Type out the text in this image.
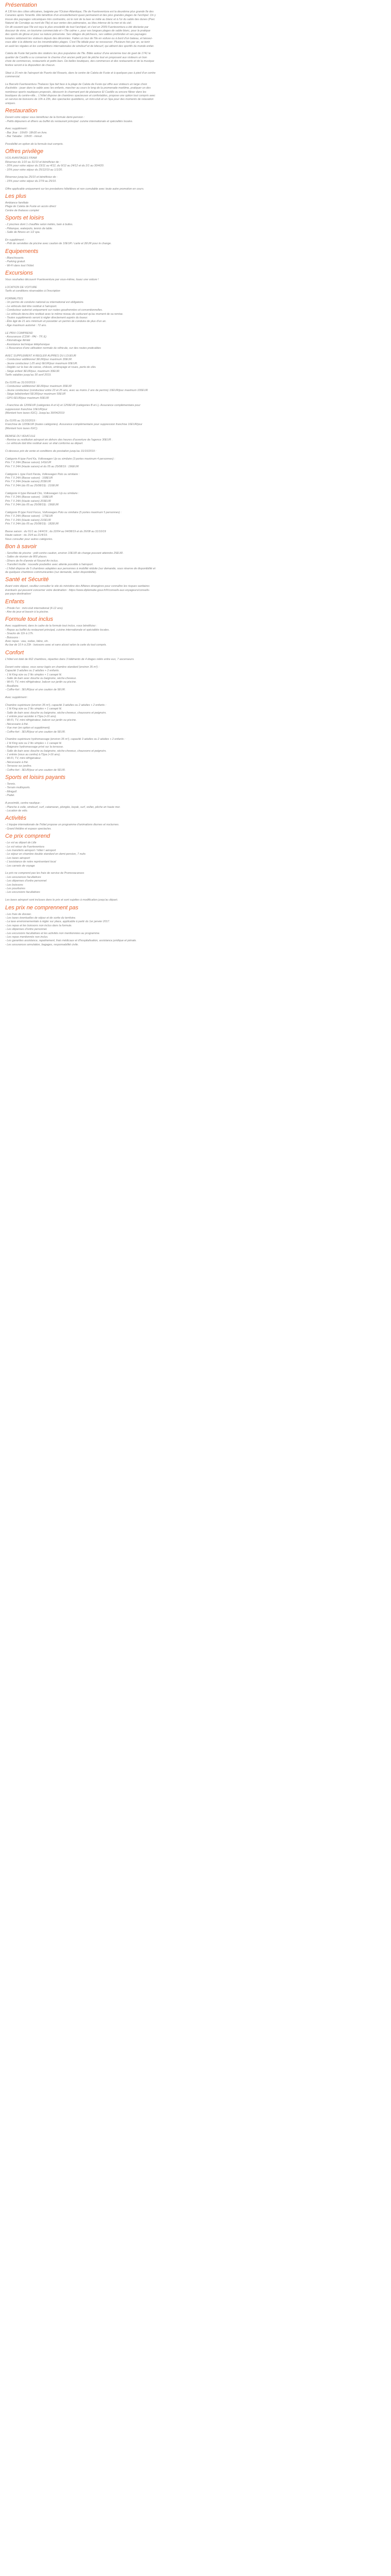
Présentation

A 130 km des côtes africaines, baignée par l'Océan Atlantique, l'île de Fuerteventura est la deuxième plus grande île des

Canaries après Tenerife. Elle bénéficie d'un ensoleillement quasi permanent et des plus grandes plages de l'archipel. On y

trouve des paysages volcaniques très contrastés, où le noir de la lave se mêle au blanc et à l'or du sable des dunes (Parc

Naturel de Corralejo au nord de l'île) et aux vertes des palmeraies, au bleu intense de la mer et du ciel.

On dit souvent que l'île est reçu le plus ensoleillé de tout l'archipel, et c'est en 2009 Fuerteventura a été déclarée par

douceur de vivre, un tourisme commerciale et « l'île calme », pour ses longues plages de sable blanc, pour la pratique

des sports de glisse et pour sa nature préservée. Ses villages de pêcheurs, ses vallées profondes et ses paysages

lunaires séduisent les visiteurs depuis des décennies. Faites un tour de l'île en voiture ou à bord d'un bateau, et laissez-

vous aller à la détente sur les innombrables plages. C'est l'île idéale pour se ressourcer. Plusieurs fois par an, se tenir

en août les régates et les compétitions internationales de windsurf et de kitesurf, qui attirent des sportifs du monde entier.

Caleta de Fuste fait partie des stations les plus populaires de l'île. Bâtie autour d'une ancienne tour de guet de 1741 le

quartier de Castillo a su conserver le charme d'un ancien petit port de pêche tout en proposant aux visiteurs un bon

choix de commerces, restaurants et petits bars. De belles boutiques, des commerces et des restaurants et de la musique

festive seront à la disposition de chacun.

Situé à 15 min de l'aéroport de Puerto del Rosario, dans le centre de Caleta de Fuste et à quelques pas à pied d'un centre

commercial.

Le Barceló Fuerteventura Thalasso Spa fait face à la plage de Caleta de Fuste qui offre aux visiteurs un large choix

d'activités : jouer dans le sable avec les enfants, marcher au cours le long de la promenade maritime, pratiquer un des

nombreux sports nautiques proposés, découvrir le charmant port de plaisance El Castillo ou encore flâner dans les

boutiques du centre-ville... L'hôtel dispose de chambres spacieuses et confortables, propose une option tout compris avec

un service de boissons de 10h à 23h, des spectacles quotidiens, un mini-club et un Spa pour des moments de relaxation

uniques.

Restauration

Durant votre séjour vous bénéficiez de la formule demi-pension :

- Petits déjeuners et dîners au buffet du restaurant principal: cuisine internationale et spécialités locales.

Avec supplément :

- Bar Jirar : 10h00- 18h30 en livre.

- Bar Tabaibe : 10h00 - minuit.

Possibilité en option de la formule tout compris.

Offres privilège

VOS AVANTAGES FRAM

Réservez du 1/10 au 31/10 et bénéficiez de :

- 20% pour votre séjour du 23/11 au 4/12, du 9/12 au 24/12 et du 2/1 au 30/4/20.

- 10% pour votre séjour du 25/12/19 au 1/1/20.

Réservez jusqu'au 25/10 et bénéficiez de :

- 15% pour votre séjour du 27/9 au 25/10.

Offre applicable uniquement sur les prestations hôtelières et non cumulable avec toute autre promotion en cours.

Les plus

Ambiance familiale

Plage de Caleta de Fuste en accès direct

Centre de thalasso complet

Sports et loisirs

- 2 piscines dont 1 chauffée selon météo, bain à bulles.

- Pétanque, waterpolo, tennis de table.

- Salle de fitness en 1/2 spa.

En supplément :

- Prêt de serviettes de piscine avec caution de 10EUR / carte et 2EUR pour le change.

Equipements

- Blanchisserie.

- Parking gratuit.

- Wi-Fi dans tout l'hôtel.

Excursions

Vous souhaitez découvrir Fuerteventura par vous-même, louez une voiture !

LOCATION DE VOITURE

Tarifs et conditions réservables à l'inscription

FORMALITES

- Un permis de conduire national ou international est obligatoire.

- Le véhicule doit être restitué à l'aéroport.

- Conducteur autorisé uniquement sur routes goudronnées et conventionnelles.

- Le véhicule devra être restitué avec le même niveau de carburant qu'au moment de sa remise.

- Toutes suppléments seront à régler directement auprès du loueur.

- Être âgé de 21 ans minimum et posséder un permis de conduire de plus d'un an.

- Âge maximum autorisé : 72 ans.

LE PRIX COMPREND

- Assurances (CDW - PAI - TP, E)

- Kilométrage illimité

- Assistance technique téléphonique

- L'Assurance d'une utilisation normale du véhicule, sur des routes praticables

AVEC SUPPLEMENT A REGLER AUPRES DU LOUEUR

- Conducteur additionnel 3EUR/jour maximum 30EUR.

- Jeune conducteur (-25 ans) 6EUR/jour maximum 60EUR.

- Dégâts sur le bas de caisse, châssis, embrayage et roues, perte de clés.

- Siège enfant 3EUR/jour, maximum 30EUR.

Tarifs valables jusqu'au 30 avril 2019.

Du 01/05 au 31/10/2019 :

- Conducteur additionnel 3EUR/jour maximum 30EUR

- Jeune conducteur (conducteur entre 23 et 25 ans, avec au moins 2 ans de permis) 10EUR/jour maximum 100EUR

- Siège bébé/enfant 5EUR/jour maximum 50EUR

- GPS 6EUR/jour maximum 50EUR

- Franchise de 1200EUR (catégories A et H) et 1250EUR (catégories B et L). Assurance complémentaire pour

suppression franchise 10EUR/jour

(Montant hors taxes IGIC). Jusqu'au 30/04/2019

Du 01/05 au 31/10/2019 :

Franchise de 1200EUR (toutes catégories). Assurance complémentaire pour suppression franchise 16EUR/jour

(Montant hors taxes IGIC).

REMISE DU VEHICULE

- Remise ou restitution aéroport en dehors des heures d'ouverture de l'agence 30EUR .

- Le véhicule doit être restitué avec un état conforme au départ.

Ci-dessous prix de vente et conditions de prestation jusqu'au 31/10/2019 :

Catégorie A type Ford Ka, Volkswagen Up ou similaire (3 portes maximum 4 personnes) :

Prix 7 X 24H (Basse saison) 141EUR

Prix 7 X 24H (Haute saison) et du 05 au 25/08/19 : 196EUR

Catégorie L type Ford Fiesta, Volkswagen Polo ou similaire :

Prix 7 X 24H (Basse saison) : 168EUR

Prix 7 X 24H (Haute saison) 203EUR

Prix 7 X 24H (du 05 au 25/08/19) : 210EUR

Catégorie H type Renault Clio, Volkswagen Up ou similaire :

Prix 7 X 24H (Basse saison) : 168EUR

Prix 7 X 24H (Haute saison) 203EUR

Prix 7 X 24H (du 05 au 25/08/19) : 196EUR

Catégorie B type Ford Focus, Volkswagen Polo ou similaire (5 portes maximum 5 personnes) :

Prix 7 X 24H (Basse saison) : 175EUR

Prix 7 X 24H (Haute saison) 210EUR

Prix 7 X 24H (du 05 au 25/08/19) : 182EUR

Basse saison : du 01/1 au 14/4/19 ; du 22/04 au 04/08/19 et du 26/08 au 31/10/19

Haute saison : du 15/4 au 21/4/19.

Nous consulter pour autres catégories.

Bon à savoir

- Servi/bte de piscine : prêt contre caution, environ 10EUR de change pouvant atteindre 25EUR.

- Salles de réunion de 800 places.

- Dîners de fin d'année et Nouvel An inclus.

- Transfert inutile : nouvelle poubelles avec attente possible à l'aéroport.

- L'hôtel dispose de 5 chambres adaptées aux personnes à mobilité réduite (sur demande, sous réserve de disponibilité et

de quelques chambres communicantes (sur demande, selon disponibilité).

Santé et Sécurité

Avant votre départ, veuillez consulter le site du ministère des Affaires étrangères pour connaître les risques sanitaires

éventuels qui peuvent concerner votre destination : https://www.diplomatie.gouv.fr/fr/conseils-aux-voyageurs/conseils-

par-pays-destination/

Enfants

- Prixde l'un : mini-club international (4-12 ans).

- Aire de jeux et bassin à la piscine.

Formule tout inclus

Avec supplément, dans le cadre de la formule tout inclus, vous bénéficiez :

- Repas au buffet du restaurant principal, cuisine internationale et spécialités locales.

- Snacks de 11h à 17h.

- Boissons :

Avec repas : eau, sodas, bière, vin.

Au bar de 10 h à 23h : boissons avec et sans alcool selon la carte du tout compris.

Confort

L'hôtel est doté de 662 chambres, réparties dans 3 bâtiments de 4 étages reliés entre eux, 7 ascenseurs.

Durant votre séjour, vous serez logés en chambre standard (environ 35 m²) :

Capacité 3 adultes ou 2 adultes + 2 enfants.

- 1 lit King size ou 2 lits simples + 1 canapé lit.

- Salle de bain avec douche ou baignoire, sèche-cheveux.

- Wi-Fi, TV, mini réfrigérateur, balcon sur jardin ou piscine.

- Bouilloire.

- Coffre-fort : 3EUR/jour et une caution de 5EUR.

Avec supplément :

Chambre supérieure (environ 35 m²), capacité 3 adultes ou 2 adultes + 2 enfants :

- 1 lit King size ou 2 lits simples + 1 canapé lit.

- Salle de bain avec douche ou baignoire, sèche-cheveux, chaussons et peignoirs.

- 1 entrée pour accéder à l'Spa (+16 ans).

- Wi-Fi, TV, mini réfrigérateur, balcon sur jardin ou piscine.

- Nécessaire à thé.

- Vue mer (en option et supplément).

- Coffre-fort : 3EUR/jour et une caution de 5EUR.

Chambre supérieure hydromassage (environ 35 m²), capacité 3 adultes ou 2 adultes + 2 enfants :

- 1 lit King size ou 2 lits simples + 1 canapé lit.

- Baignoire hydromassage privé sur la terrasse.

- Salle de bain avec douche ou baignoire, sèche-cheveux, chaussons et peignoirs.

- 1 entrée (vous au centre) à l'Spa (+16 ans).

- Wi-Fi, TV, mini réfrigérateur.

- Nécessaire à thé.

- Terrasse sur jardins.

- Coffre-fort : 3EUR/jour et une caution de 5EUR.

Sports et loisirs payants

- Tennis.

- Terrain multisports.

- Minigolf.

- Padel.

A proximité, centre nautique :

- Planche à voile, windsurf, surf, catamaran, plongée, kayak, surf, voilier, pêche en haute mer.

- Location de vélo.

Activités

- L'équipe internationale de l'hôtel propose un programme d'animations diurnes et nocturnes.

- Grand théâtre et espace spectacles.

Ce prix comprend

- Le vol au départ de Lille

- Le vol retour de Fuerteventura

- Les transferts aéroport / hôtel / aéroport

- Le séjour en chambre double standard en demi-pension, 7 nuits

- Les taxes aéroport

- L'assistance de notre représentant local

- Les carnets de voyage

Le prix ne comprend pas les frais de service de Promovacances

- Les assurances facultatives

- Les dépenses d'ordre personnel

- Les boissons

- Les pourboires

- Les excursions facultatives

Les taxes aéroport sont incluses dans le prix et sont sujettes à modification jusqu'au départ.

Les prix ne comprennent pas

- Les frais de dossier.

- Les taxes éventuelles de séjour et de sortie du territoire.

- La taxe environnementale à régler sur place, applicable à partir du 1er janvier 2017.

- Les repas et les boissons non inclus dans la formule.

- Les dépenses d'ordre personnel.

- Les excursions facultatives et les activités non mentionnées au programme.

- Les repas mentionnés non inclus.

- Les garanties assistance, rapatriement, frais médicaux et d'hospitalisation, assistance juridique et pénale.

- Les assurances annulation, bagages, responsabilité civile.
